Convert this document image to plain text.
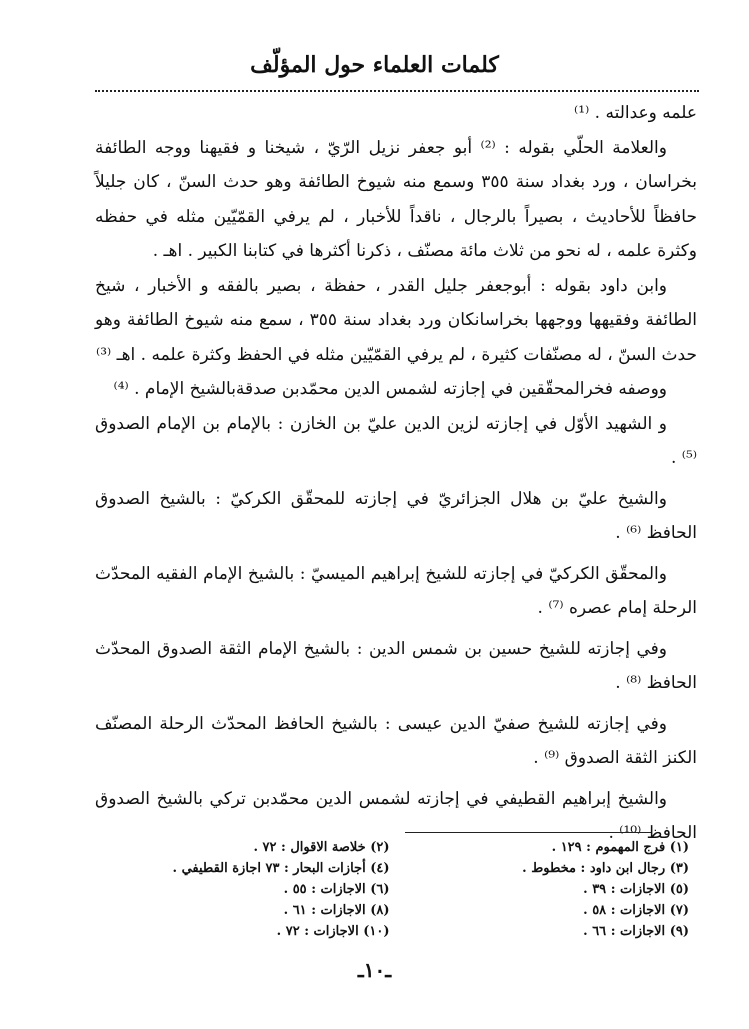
كلمات العلماء حول المؤلّف

علمه وعدالته . ⁽¹⁾

والعلامة الحلّي بقوله : ⁽²⁾ أبو جعفر نزيل الرّيّ ، شيخنا و فقيهنا ووجه الطائفة بخراسان ، ورد بغداد سنة ٣٥٥ وسمع منه شيوخ الطائفة وهو حدث السنّ ، كان جليلاً حافظاً للأحاديث ، بصيراً بالرجال ، ناقداً للأخبار ، لم يرفي القمّيّين مثله في حفظه وكثرة علمه ، له نحو من ثلاث مائة مصنّف ، ذكرنا أكثرها في كتابنا الكبير . اهـ .

وابن داود بقوله : أبوجعفر جليل القدر ، حفظة ، بصير بالفقه و الأخبار ، شيخ الطائفة وفقيهها ووجهها بخراسانكان ورد بغداد سنة ٣٥٥ ، سمع منه شيوخ الطائفة وهو حدث السنّ ، له مصنّفات كثيرة ، لم يرفي القمّيّين مثله في الحفظ وكثرة علمه . اهـ ⁽³⁾

ووصفه فخرالمحقّقين في إجازته لشمس الدين محمّدبن صدقةبالشيخ الإمام . ⁽⁴⁾

و الشهيد الأوّل في إجازته لزين الدين عليّ بن الخازن : بالإمام بن الإمام الصدوق ⁽⁵⁾ .

والشيخ عليّ بن هلال الجزائريّ في إجازته للمحقّق الكركيّ : بالشيخ الصدوق الحافظ ⁽⁶⁾ .

والمحقّق الكركيّ في إجازته للشيخ إبراهيم الميسيّ : بالشيخ الإمام الفقيه المحدّث الرحلة إمام عصره ⁽⁷⁾ .

وفي إجازته للشيخ حسين بن شمس الدين : بالشيخ الإمام الثقة الصدوق المحدّث الحافظ ⁽⁸⁾ .

وفي إجازته للشيخ صفيّ الدين عيسى : بالشيخ الحافظ المحدّث الرحلة المصنّف الكنز الثقة الصدوق ⁽⁹⁾ .

والشيخ إبراهيم القطيفي في إجازته لشمس الدين محمّدبن تركي بالشيخ الصدوق الحافظ ⁽¹⁰⁾ .

(١) فرج المهموم : ١٢٩ .
(٢) خلاصة الاقوال : ٧٢ .
(٣) رجال ابن داود : مخطوط .
(٤) أجازات البحار : ٧٣ اجازة القطيفي .
(٥) الاجازات : ٣٩ .
(٦) الاجازات : ٥٥ .
(٧) الاجازات : ٥٨ .
(٨) الاجازات : ٦١ .
(٩) الاجازات : ٦٦ .
(١٠) الاجازات : ٧٢ .
ـ١٠ـ
